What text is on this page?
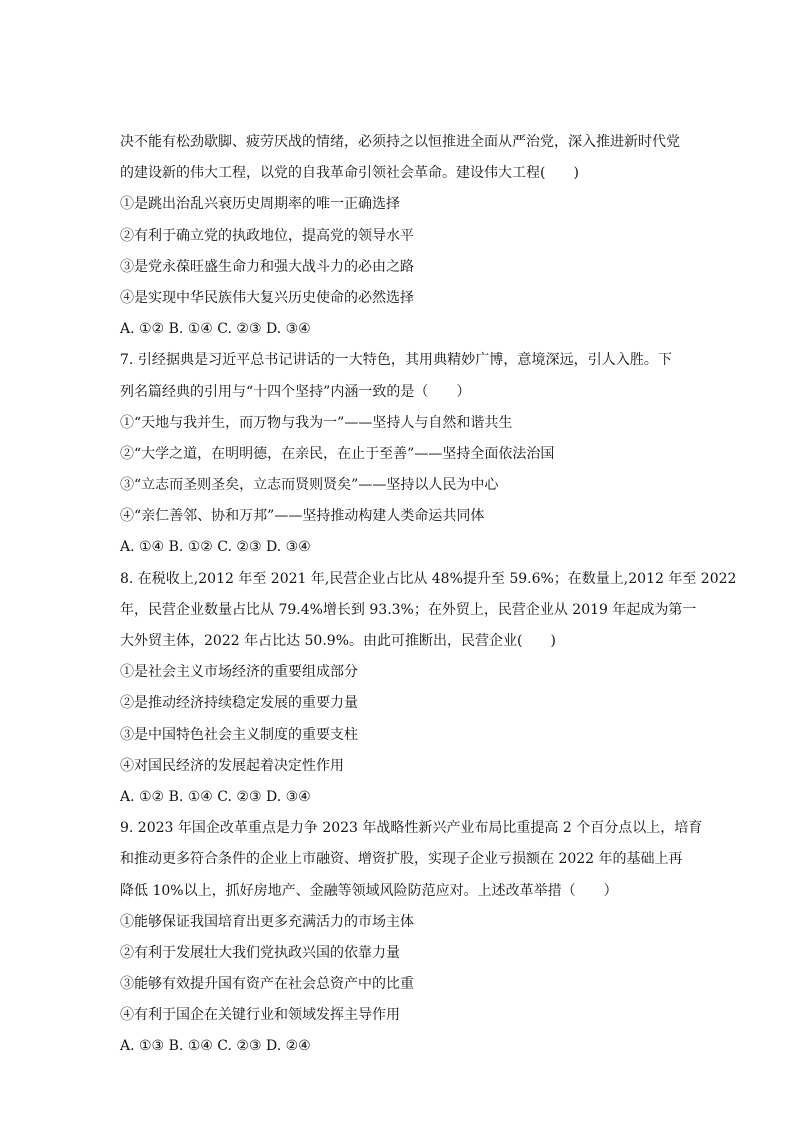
决不能有松劲歇脚、疲劳厌战的情绪，必须持之以恒推进全面从严治党，深入推进新时代党
的建设新的伟大工程，以党的自我革命引领社会革命。建设伟大工程(　　)
①是跳出治乱兴衰历史周期率的唯一正确选择
②有利于确立党的执政地位，提高党的领导水平
③是党永葆旺盛生命力和强大战斗力的必由之路
④是实现中华民族伟大复兴历史使命的必然选择
A. ①② B. ①④ C. ②③ D. ③④
7. 引经据典是习近平总书记讲话的一大特色，其用典精妙广博，意境深远，引人入胜。下
列名篇经典的引用与“十四个坚持”内涵一致的是（　　）
①“天地与我并生，而万物与我为一”——坚持人与自然和谐共生
②“大学之道，在明明德，在亲民，在止于至善”——坚持全面依法治国
③“立志而圣则圣矣，立志而贤则贤矣”——坚持以人民为中心
④“亲仁善邻、协和万邦”——坚持推动构建人类命运共同体
A. ①④ B. ①② C. ②③ D. ③④
8. 在税收上,2012 年至 2021 年,民营企业占比从 48%提升至 59.6%；在数量上,2012 年至 2022
年，民营企业数量占比从 79.4%增长到 93.3%；在外贸上，民营企业从 2019 年起成为第一
大外贸主体，2022 年占比达 50.9%。由此可推断出，民营企业(　　)
①是社会主义市场经济的重要组成部分
②是推动经济持续稳定发展的重要力量
③是中国特色社会主义制度的重要支柱
④对国民经济的发展起着决定性作用
A. ①② B. ①④ C. ②③ D. ③④
9. 2023 年国企改革重点是力争 2023 年战略性新兴产业布局比重提高 2 个百分点以上，培育
和推动更多符合条件的企业上市融资、增资扩股，实现子企业亏损额在 2022 年的基础上再
降低 10%以上，抓好房地产、金融等领域风险防范应对。上述改革举措（　　）
①能够保证我国培育出更多充满活力的市场主体
②有利于发展壮大我们党执政兴国的依靠力量
③能够有效提升国有资产在社会总资产中的比重
④有利于国企在关键行业和领域发挥主导作用
A. ①③ B. ①④ C. ②③ D. ②④
